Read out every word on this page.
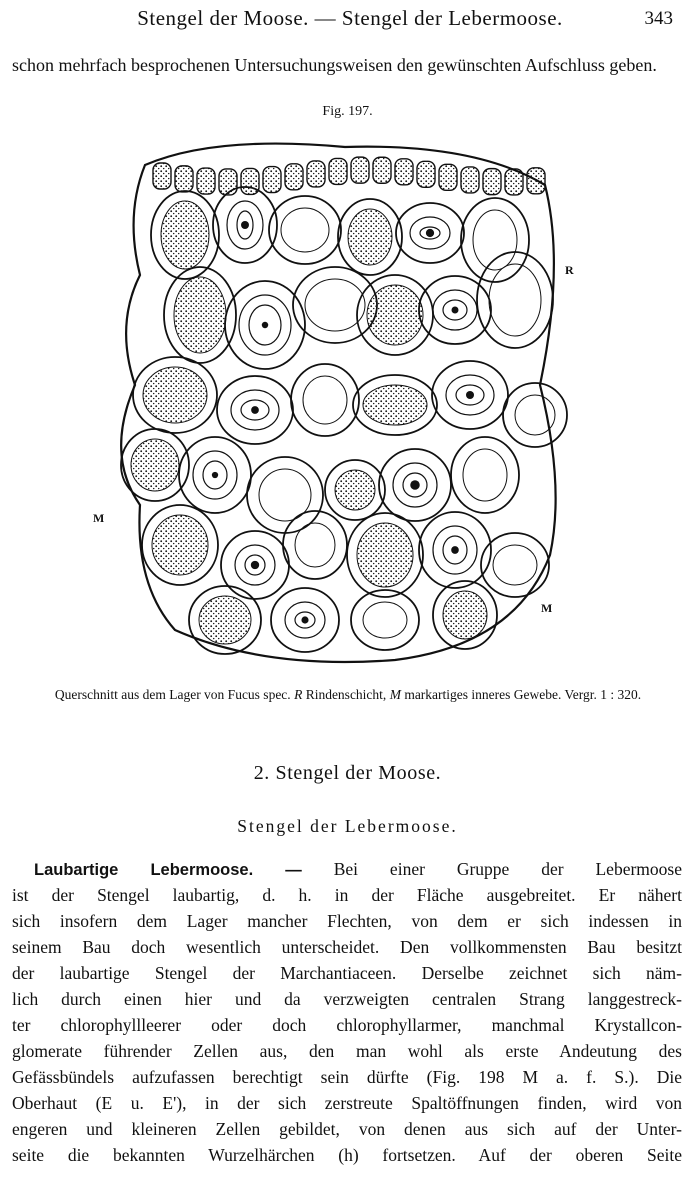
Stengel der Moose. — Stengel der Lebermoose.	343
schon mehrfach besprochenen Untersuchungsweisen den gewünschten Aufschluss geben.
Fig. 197.
R
M
M
Querschnitt aus dem Lager von Fucus spec. R Rindenschicht, M markartiges inneres Gewebe. Vergr. 1 : 320.
2. Stengel der Moose.
Stengel der Lebermoose.
Laubartige Lebermoose. — Bei einer Gruppe der Lebermoose
ist der Stengel laubartig, d. h. in der Fläche ausgebreitet. Er nähert
sich insofern dem Lager mancher Flechten, von dem er sich indessen in
seinem Bau doch wesentlich unterscheidet. Den vollkommensten Bau besitzt
der laubartige Stengel der Marchantiaceen. Derselbe zeichnet sich näm-
lich durch einen hier und da verzweigten centralen Strang langgestreck-
ter chlorophyllleerer oder doch chlorophyllarmer, manchmal Krystallcon-
glomerate führender Zellen aus, den man wohl als erste Andeutung des
Gefässbündels aufzufassen berechtigt sein dürfte (Fig. 198 M a. f. S.). Die
Oberhaut (E u. E'), in der sich zerstreute Spaltöffnungen finden, wird von
engeren und kleineren Zellen gebildet, von denen aus sich auf der Unter-
seite die bekannten Wurzelhärchen (h) fortsetzen. Auf der oberen Seite
